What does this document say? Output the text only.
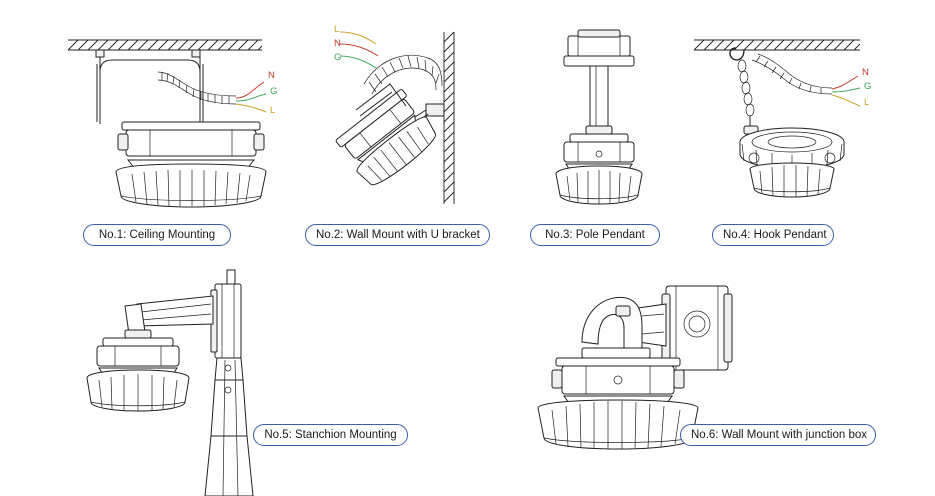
N
G
L
No.1: Ceiling Mounting
L
N
G
No.2: Wall Mount with U bracket	No.3: Pole Pendant
N
G
L
No.4: Hook Pendant
No.5: Stanchion Mounting	No.6: Wall Mount with junction box
